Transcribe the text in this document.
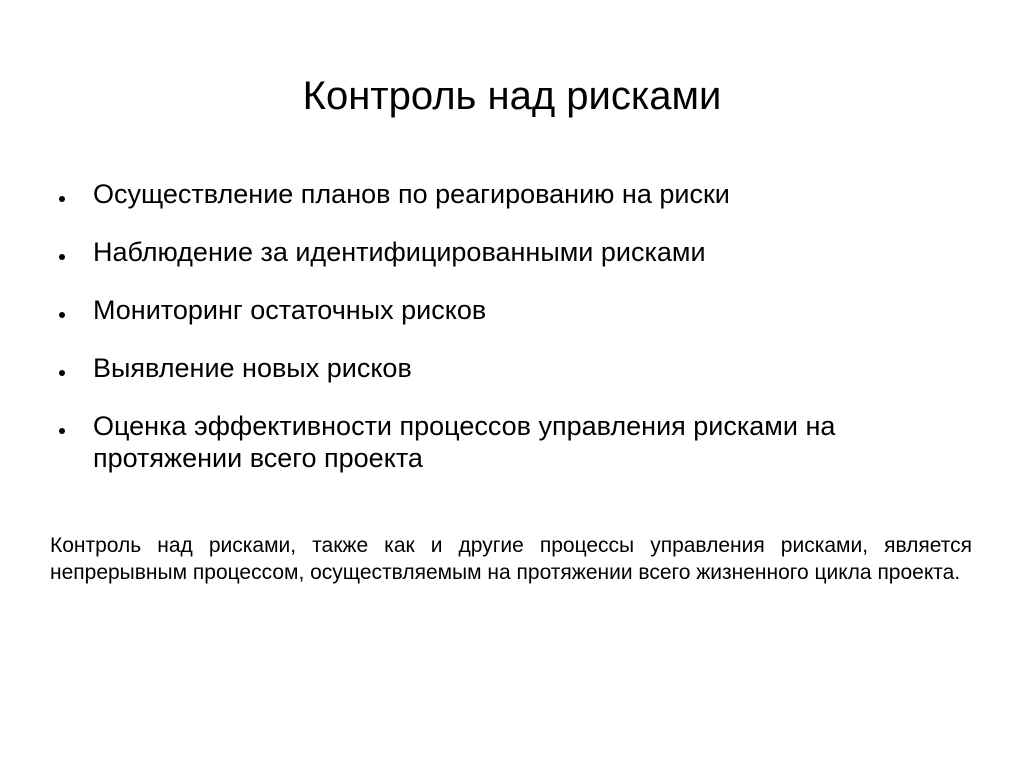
Контроль над рисками
Осуществление планов по реагированию на риски
Наблюдение за идентифицированными рисками
Мониторинг остаточных рисков
Выявление новых рисков
Оценка эффективности процессов управления рисками на протяжении всего проекта

Контроль над рисками, также как и другие процессы управления рисками, является непрерывным процессом, осуществляемым на протяжении всего жизненного цикла проекта.
